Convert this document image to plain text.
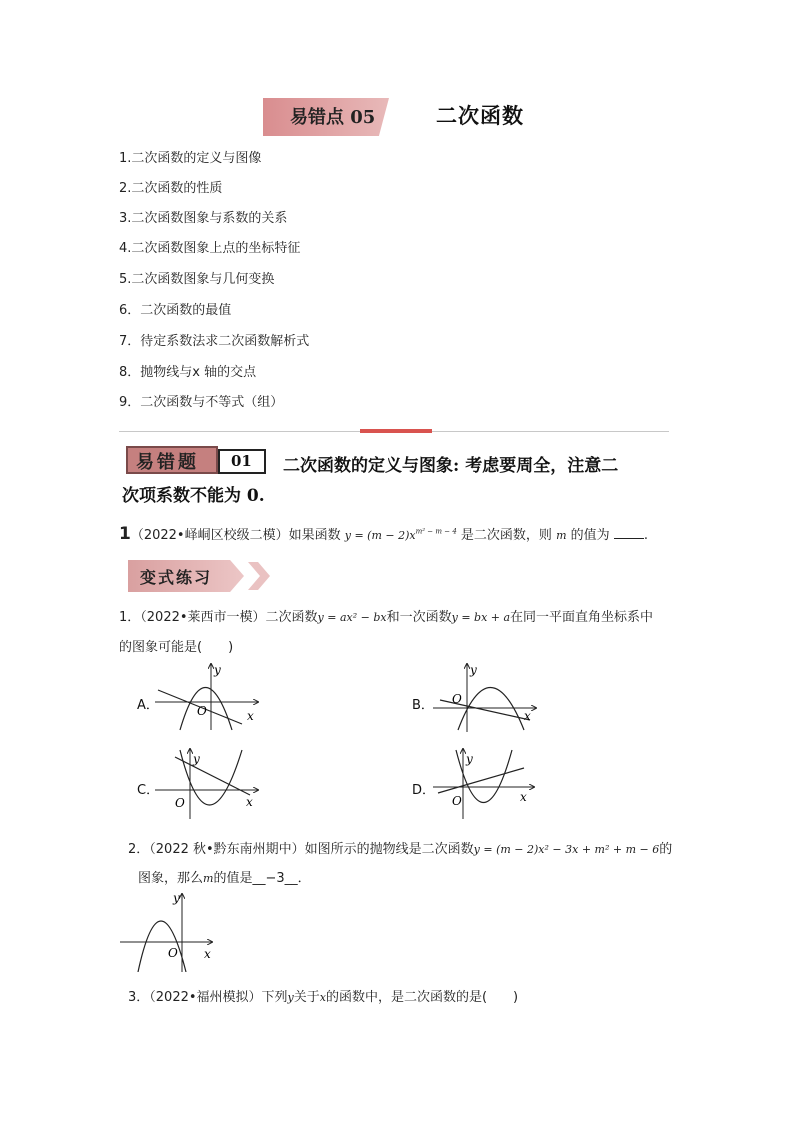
易错点 05	二次函数
1.二次函数的定义与图像
2.二次函数的性质
3.二次函数图象与系数的关系
4.二次函数图象上点的坐标特征
5.二次函数图象与几何变换
6．二次函数的最值
7．待定系数法求二次函数解析式
8．抛物线与x 轴的交点
9．二次函数与不等式（组）
易错题 01 二次函数的定义与图象: 考虑要周全，注意二
次项系数不能为 0.
1（2022•峄峒区校级二模）如果函数 $y = (m - 2)x^{m^2 - m - 4}$ 是二次函数，则 m 的值为	.
变式练习
1．（2022•莱西市一模）二次函数y = ax² − bx和一次函数y = bx + a在同一平面直角坐标系中
的图象可能是(　　)
A．	B．
C．	D．
O	x
y
O
x
y
O	x
y
O	x
y
2．（2022 秋•黔东南州期中）如图所示的抛物线是二次函数y = (m − 2)x² − 3x + m² + m − 6的
图象，那么m的值是__−3__．
O x
y
3．（2022•福州模拟）下列y关于x的函数中，是二次函数的是(　　)
